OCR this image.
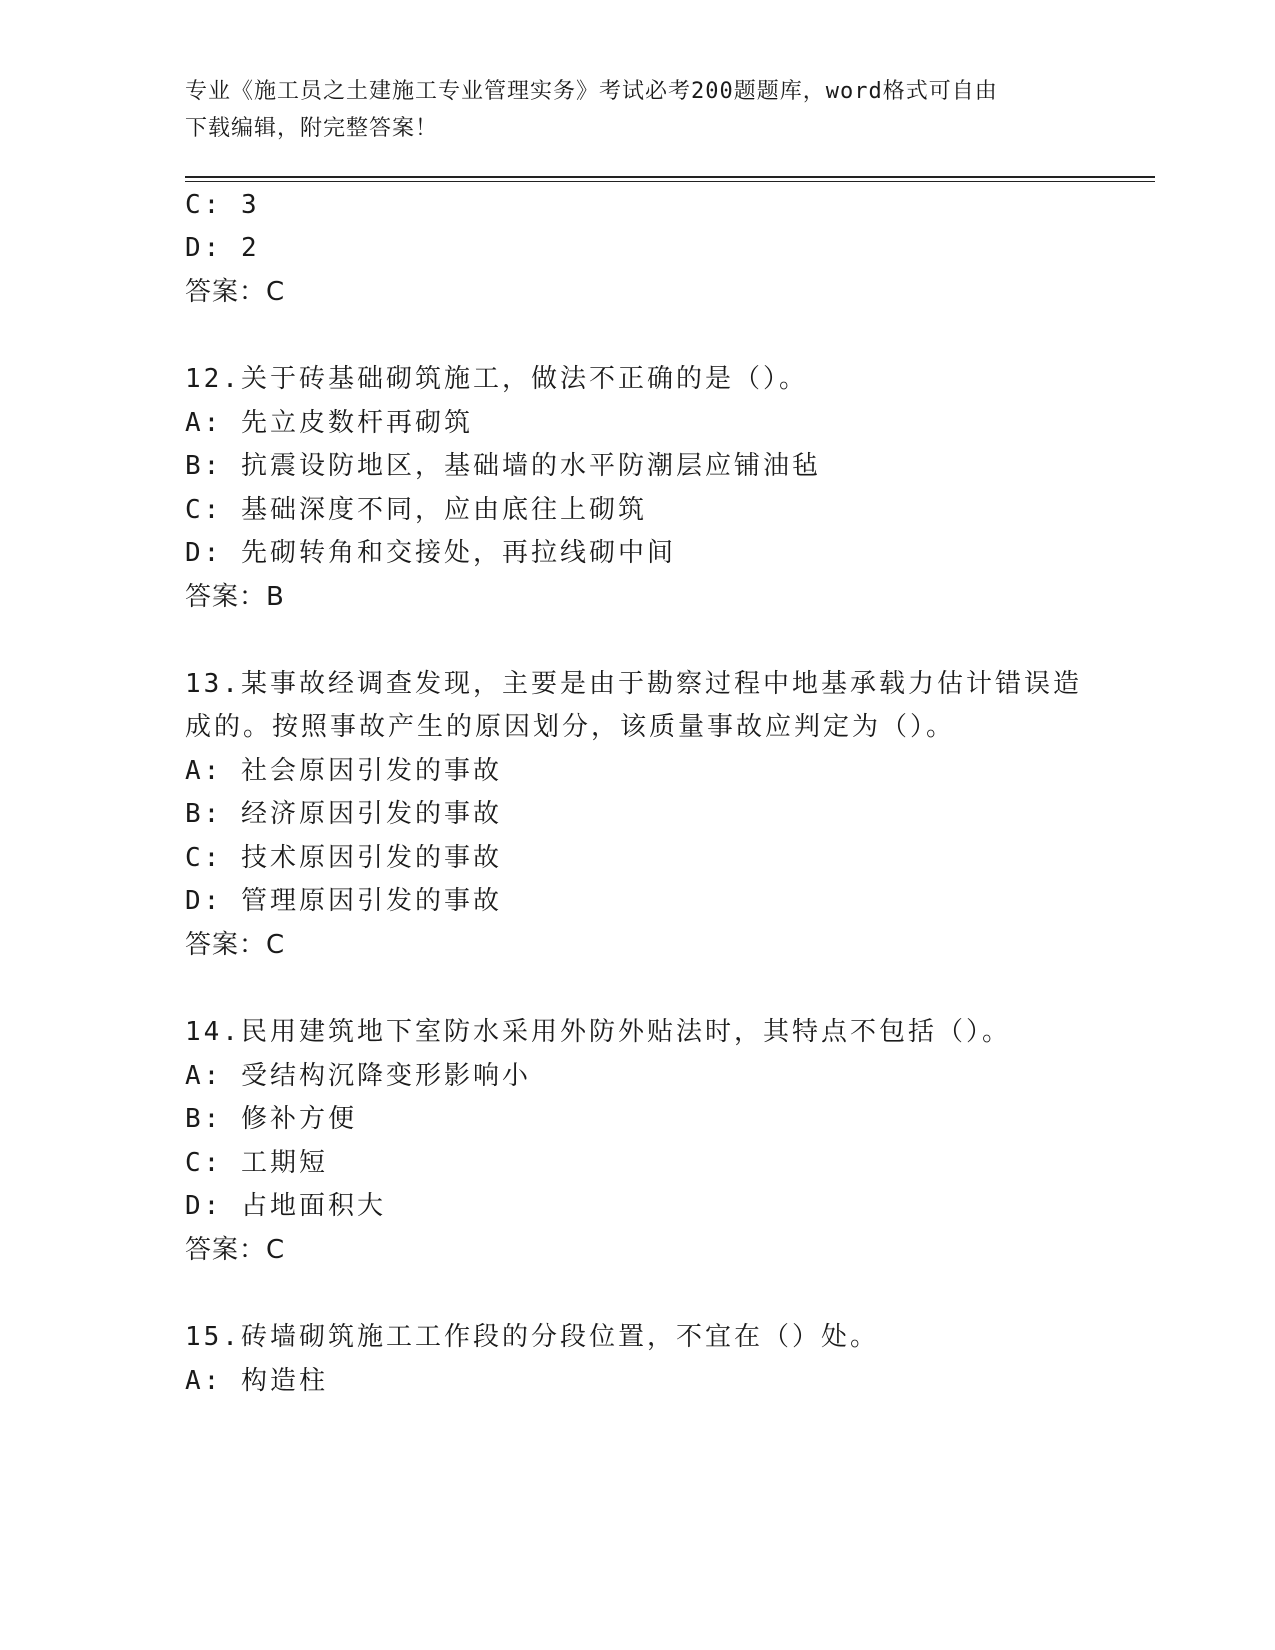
专业《施工员之土建施工专业管理实务》考试必考200题题库，word格式可自由
下载编辑，附完整答案！
C: 3
D: 2
答案：C
12.关于砖基础砌筑施工，做法不正确的是（）。
A: 先立皮数杆再砌筑
B: 抗震设防地区，基础墙的水平防潮层应铺油毡
C: 基础深度不同，应由底往上砌筑
D: 先砌转角和交接处，再拉线砌中间
答案：B
13.某事故经调查发现，主要是由于勘察过程中地基承载力估计错误造
成的。按照事故产生的原因划分，该质量事故应判定为（）。
A: 社会原因引发的事故
B: 经济原因引发的事故
C: 技术原因引发的事故
D: 管理原因引发的事故
答案：C
14.民用建筑地下室防水采用外防外贴法时，其特点不包括（）。
A: 受结构沉降变形影响小
B: 修补方便
C: 工期短
D: 占地面积大
答案：C
15.砖墙砌筑施工工作段的分段位置，不宜在（）处。
A: 构造柱
